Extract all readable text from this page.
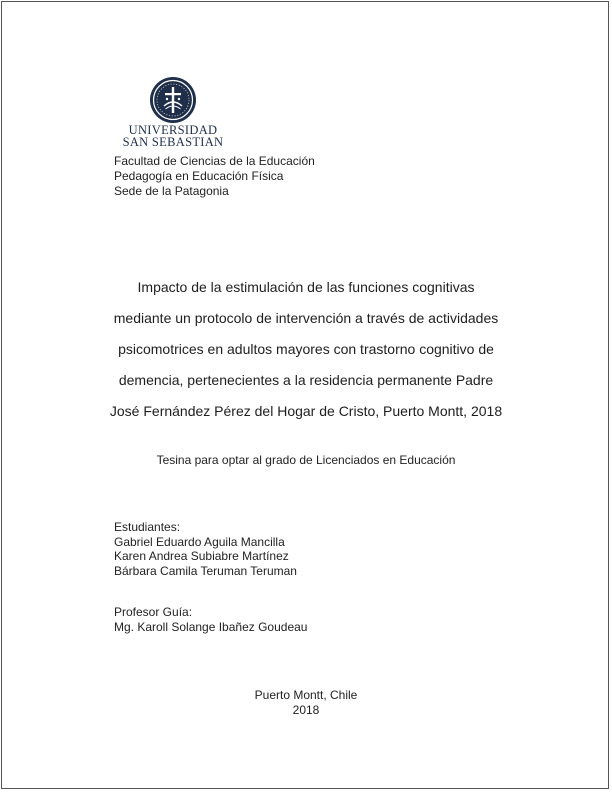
UNIVERSIDAD
SAN SEBASTIAN
Facultad de Ciencias de la Educación
Pedagogía en Educación Física
Sede de la Patagonia
Impacto de la estimulación de las funciones cognitivas
mediante un protocolo de intervención a través de actividades
psicomotrices en adultos mayores con trastorno cognitivo de
demencia, pertenecientes a la residencia permanente Padre
José Fernández Pérez del Hogar de Cristo, Puerto Montt, 2018
Tesina para optar al grado de Licenciados en Educación
Estudiantes:
Gabriel Eduardo Aguila Mancilla
Karen Andrea Subiabre Martínez
Bárbara Camila Teruman Teruman
Profesor Guía:
Mg. Karoll Solange Ibañez Goudeau
Puerto Montt, Chile
2018
